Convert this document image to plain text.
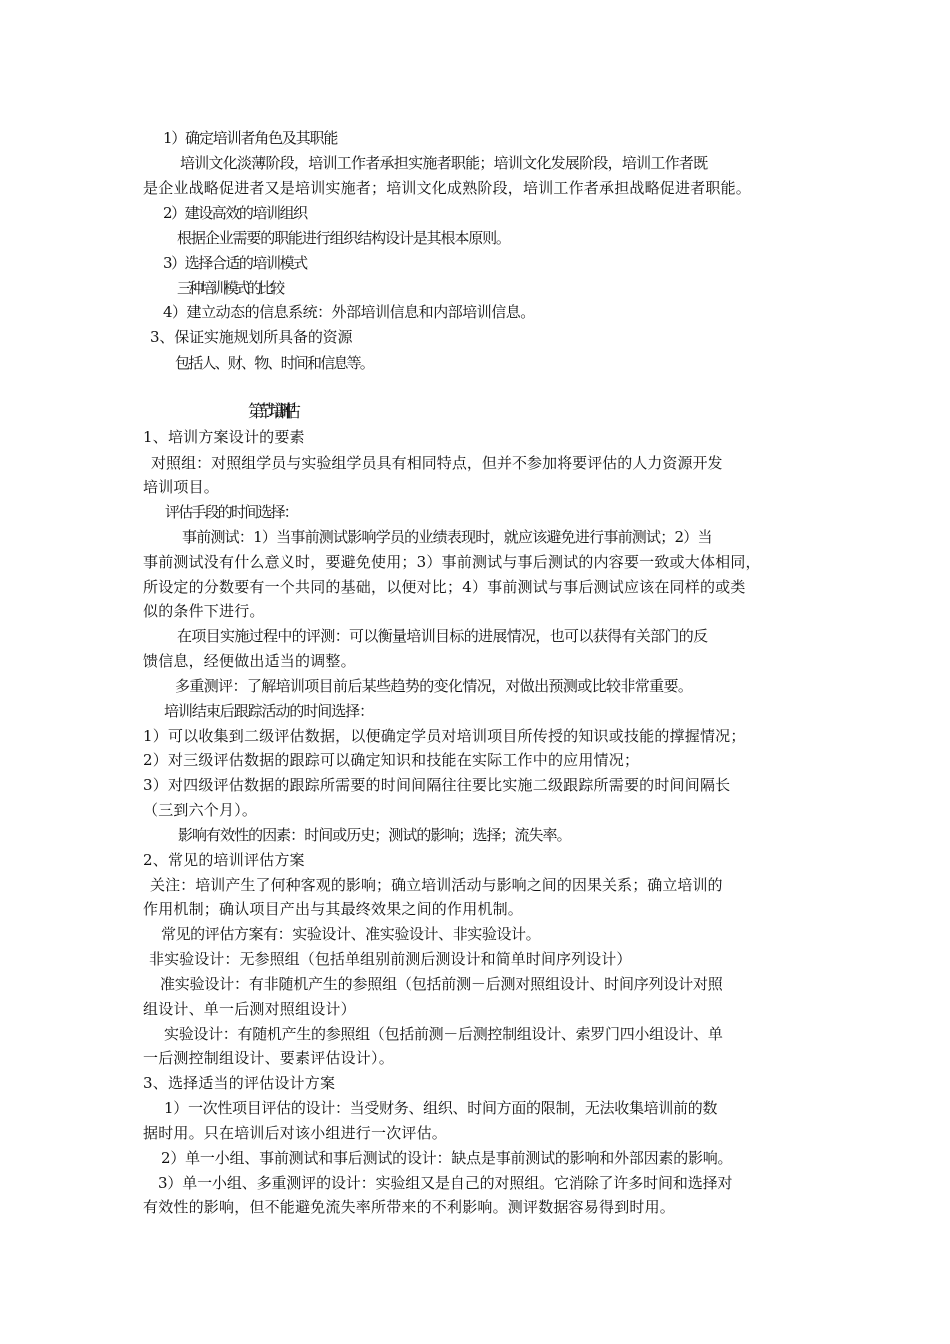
1）确定培训者角色及其职能
培训文化淡薄阶段，培训工作者承担实施者职能；培训文化发展阶段，培训工作者既
是企业战略促进者又是培训实施者；培训文化成熟阶段，培训工作者承担战略促进者职能。
2）建设高效的培训组织
根据企业需要的职能进行组织结构设计是其根本原则。
3）选择合适的培训模式
三种培训模式的比较
4）建立动态的信息系统：外部培训信息和内部培训信息。
3、保证实施规划所具备的资源
包括人、财、物、时间和信息等。
第三节　培训评估
1、培训方案设计的要素
对照组：对照组学员与实验组学员具有相同特点，但并不参加将要评估的人力资源开发
培训项目。
评估手段的时间选择：
事前测试：1）当事前测试影响学员的业绩表现时，就应该避免进行事前测试；2）当
事前测试没有什么意义时，要避免使用；3）事前测试与事后测试的内容要一致或大体相同，
所设定的分数要有一个共同的基础，以便对比；4）事前测试与事后测试应该在同样的或类
似的条件下进行。
在项目实施过程中的评测：可以衡量培训目标的进展情况，也可以获得有关部门的反
馈信息，经便做出适当的调整。
多重测评：了解培训项目前后某些趋势的变化情况，对做出预测或比较非常重要。
培训结束后跟踪活动的时间选择：
1）可以收集到二级评估数据，以便确定学员对培训项目所传授的知识或技能的撑握情况；
2）对三级评估数据的跟踪可以确定知识和技能在实际工作中的应用情况；
3）对四级评估数据的跟踪所需要的时间间隔往往要比实施二级跟踪所需要的时间间隔长
（三到六个月）。
影响有效性的因素：时间或历史；测试的影响；选择；流失率。
2、常见的培训评估方案
关注：培训产生了何种客观的影响；确立培训活动与影响之间的因果关系；确立培训的
作用机制；确认项目产出与其最终效果之间的作用机制。
常见的评估方案有：实验设计、准实验设计、非实验设计。
非实验设计：无参照组（包括单组别前测后测设计和简单时间序列设计）
准实验设计：有非随机产生的参照组（包括前测－后测对照组设计、时间序列设计对照
组设计、单一后测对照组设计）
实验设计：有随机产生的参照组（包括前测－后测控制组设计、索罗门四小组设计、单
一后测控制组设计、要素评估设计）。
3、选择适当的评估设计方案
1）一次性项目评估的设计：当受财务、组织、时间方面的限制，无法收集培训前的数
据时用。只在培训后对该小组进行一次评估。
2）单一小组、事前测试和事后测试的设计：缺点是事前测试的影响和外部因素的影响。
3）单一小组、多重测评的设计：实验组又是自己的对照组。它消除了许多时间和选择对
有效性的影响，但不能避免流失率所带来的不利影响。测评数据容易得到时用。
